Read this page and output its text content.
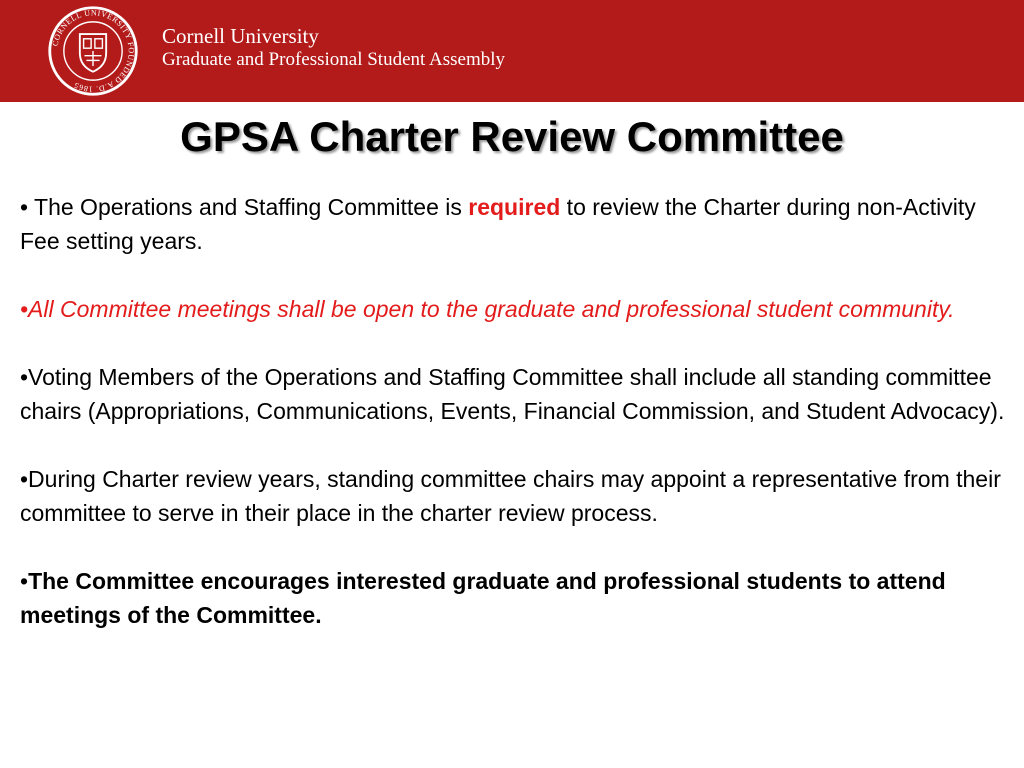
CORNELL UNIVERSITY FOUNDED A.D. 1865
Cornell University
Graduate and Professional Student Assembly
GPSA Charter Review Committee

• The Operations and Staffing Committee is required to review the Charter during non-Activity Fee setting years.

•All Committee meetings shall be open to the graduate and professional student community.

•Voting Members of the Operations and Staffing Committee shall include all standing committee chairs (Appropriations, Communications, Events, Financial Commission, and Student Advocacy).

•During Charter review years, standing committee chairs may appoint a representative from their committee to serve in their place in the charter review process.

•The Committee encourages interested graduate and professional students to attend meetings of the Committee.
